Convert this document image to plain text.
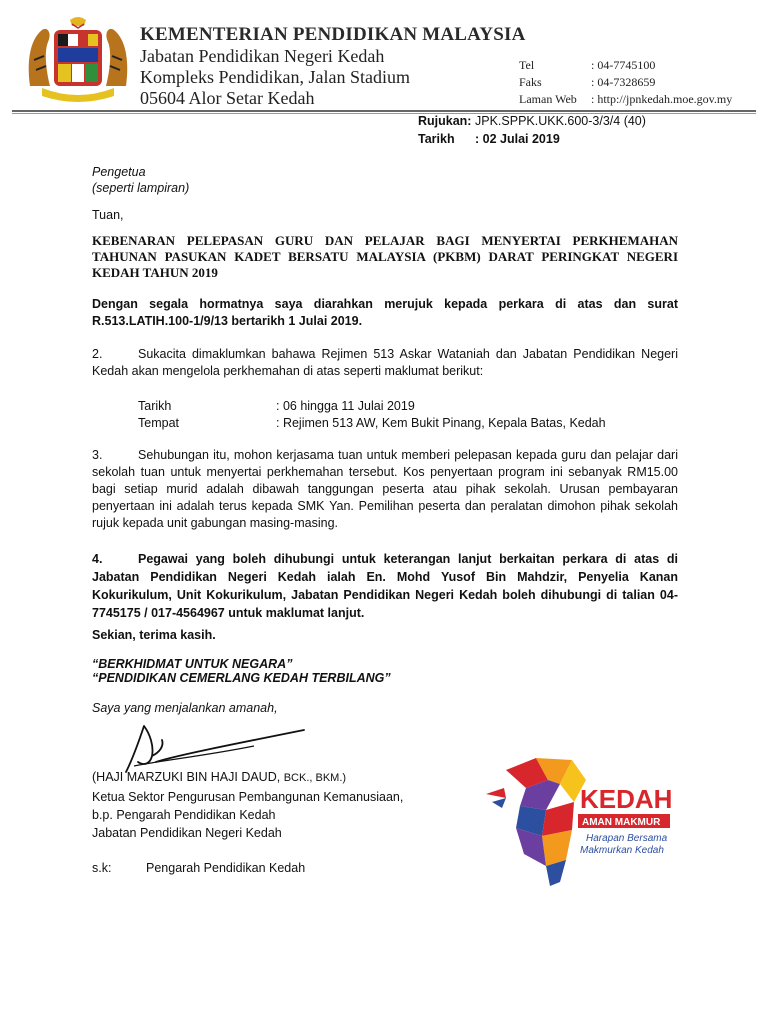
KEMENTERIAN PENDIDIKAN MALAYSIA
Jabatan Pendidikan Negeri Kedah
Kompleks Pendidikan, Jalan Stadium
05604 Alor Setar Kedah
Tel	: 04-7745100
Faks	: 04-7328659
Laman Web : http://jpnkedah.moe.gov.my
Rujukan: JPK.SPPK.UKK.600-3/3/4 (40)
Tarikh : 02 Julai 2019
Pengetua
(seperti lampiran)
Tuan,
KEBENARAN PELEPASAN GURU DAN PELAJAR BAGI MENYERTAI PERKHEMAHAN TAHUNAN PASUKAN KADET BERSATU MALAYSIA (PKBM) DARAT PERINGKAT NEGERI KEDAH TAHUN 2019
Dengan segala hormatnya saya diarahkan merujuk kepada perkara di atas dan surat R.513.LATIH.100-1/9/13 bertarikh 1 Julai 2019.
2.	Sukacita dimaklumkan bahawa Rejimen 513 Askar Wataniah dan Jabatan Pendidikan Negeri Kedah akan mengelola perkhemahan di atas seperti maklumat berikut:
Tarikh	: 06 hingga 11 Julai 2019
Tempat	: Rejimen 513 AW, Kem Bukit Pinang, Kepala Batas, Kedah
3.	Sehubungan itu, mohon kerjasama tuan untuk memberi pelepasan kepada guru dan pelajar dari sekolah tuan untuk menyertai perkhemahan tersebut. Kos penyertaan program ini sebanyak RM15.00 bagi setiap murid adalah dibawah tanggungan peserta atau pihak sekolah. Urusan pembayaran penyertaan ini adalah terus kepada SMK Yan. Pemilihan peserta dan peralatan dimohon pihak sekolah rujuk kepada unit gabungan masing-masing.
4.	Pegawai yang boleh dihubungi untuk keterangan lanjut berkaitan perkara di atas di Jabatan Pendidikan Negeri Kedah ialah En. Mohd Yusof Bin Mahdzir, Penyelia Kanan Kokurikulum, Unit Kokurikulum, Jabatan Pendidikan Negeri Kedah boleh dihubungi di talian 04-7745175 / 017-4564967 untuk maklumat lanjut.
Sekian, terima kasih.
“BERKHIDMAT UNTUK NEGARA”
“PENDIDIKAN CEMERLANG KEDAH TERBILANG”
Saya yang menjalankan amanah,
(HAJI MARZUKI BIN HAJI DAUD, BCK., BKM.)
Ketua Sektor Pengurusan Pembangunan Kemanusiaan,
b.p. Pengarah Pendidikan Kedah
Jabatan Pendidikan Negeri Kedah
s.k:	Pengarah Pendidikan Kedah
KEDAH
AMAN MAKMUR
Harapan Bersama
Makmurkan Kedah
